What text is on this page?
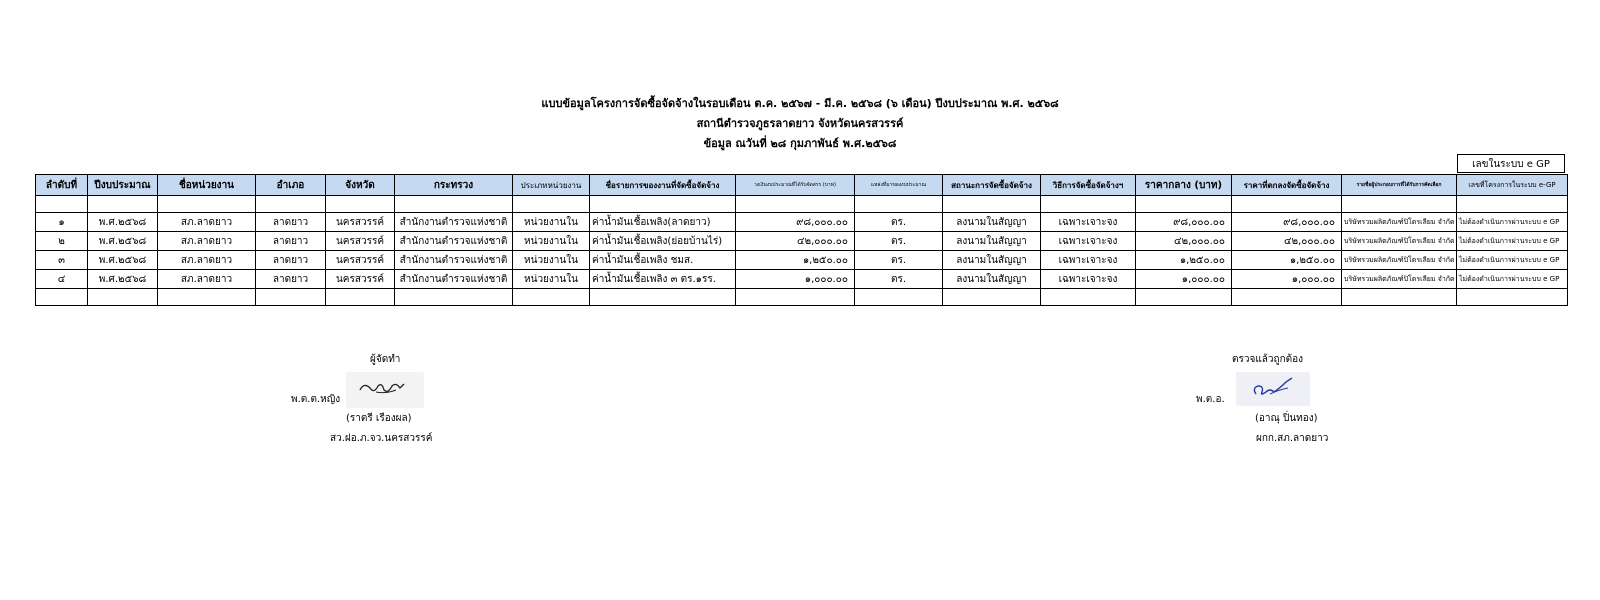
แบบข้อมูลโครงการจัดซื้อจัดจ้างในรอบเดือน ต.ค. ๒๕๖๗ - มี.ค. ๒๕๖๘ (๖ เดือน) ปีงบประมาณ พ.ศ. ๒๕๖๘
สถานีตำรวจภูธรลาดยาว จังหวัดนครสวรรค์
ข้อมูล ณวันที่ ๒๘ กุมภาพันธ์ พ.ศ.๒๕๖๘
เลขในระบบ e GP
ลำดับที่	ปีงบประมาณ	ชื่อหน่วยงาน	อำเภอ	จังหวัด	กระทรวง	ประเภทหน่วยงาน	ชื่อรายการของงานที่จัดซื้อจัดจ้าง	วงเงินงบประมาณที่ได้รับจัดสรร (บาท)	แหล่งที่มาของงบประมาณ	สถานะการจัดซื้อจัดจ้าง	วิธีการจัดซื้อจัดจ้างฯ	ราคากลาง (บาท)	ราคาที่ตกลงจัดซื้อจัดจ้าง	รายชื่อผู้ประกอบการที่ได้รับการคัดเลือก	เลขที่โครงการในระบบ e-GP

๑	พ.ศ.๒๕๖๘	สภ.ลาดยาว	ลาดยาว	นครสวรรค์	สำนักงานตำรวจแห่งชาติ	หน่วยงานใน	ค่าน้ำมันเชื้อเพลิง(ลาดยาว)	๙๘,๐๐๐.๐๐	ตร.	ลงนามในสัญญา	เฉพาะเจาะจง	๙๘,๐๐๐.๐๐	๙๘,๐๐๐.๐๐	บริษัทรวมผลิตภัณฑ์ปิโตรเลียม จำกัด	ไม่ต้องดำเนินการผ่านระบบ e GP
๒	พ.ศ.๒๕๖๘	สภ.ลาดยาว	ลาดยาว	นครสวรรค์	สำนักงานตำรวจแห่งชาติ	หน่วยงานใน	ค่าน้ำมันเชื้อเพลิง(ย่อยบ้านไร่)	๔๒,๐๐๐.๐๐	ตร.	ลงนามในสัญญา	เฉพาะเจาะจง	๔๒,๐๐๐.๐๐	๔๒,๐๐๐.๐๐	บริษัทรวมผลิตภัณฑ์ปิโตรเลียม จำกัด	ไม่ต้องดำเนินการผ่านระบบ e GP
๓	พ.ศ.๒๕๖๘	สภ.ลาดยาว	ลาดยาว	นครสวรรค์	สำนักงานตำรวจแห่งชาติ	หน่วยงานใน	ค่าน้ำมันเชื้อเพลิง ชมส.	๑,๒๕๐.๐๐	ตร.	ลงนามในสัญญา	เฉพาะเจาะจง	๑,๒๕๐.๐๐	๑,๒๕๐.๐๐	บริษัทรวมผลิตภัณฑ์ปิโตรเลียม จำกัด	ไม่ต้องดำเนินการผ่านระบบ e GP
๔	พ.ศ.๒๕๖๘	สภ.ลาดยาว	ลาดยาว	นครสวรรค์	สำนักงานตำรวจแห่งชาติ	หน่วยงานใน	ค่าน้ำมันเชื้อเพลิง ๓ ตร.๑รร.	๑,๐๐๐.๐๐	ตร.	ลงนามในสัญญา	เฉพาะเจาะจง	๑,๐๐๐.๐๐	๑,๐๐๐.๐๐	บริษัทรวมผลิตภัณฑ์ปิโตรเลียม จำกัด	ไม่ต้องดำเนินการผ่านระบบ e GP

ผู้จัดทำ
พ.ต.ต.หญิง
(ราตรี เรืองผล)
สว.ฝอ.ภ.จว.นครสวรรค์
ตรวจแล้วถูกต้อง
พ.ต.อ.
(อาณุ ปิ่นทอง)
ผกก.สภ.ลาดยาว
